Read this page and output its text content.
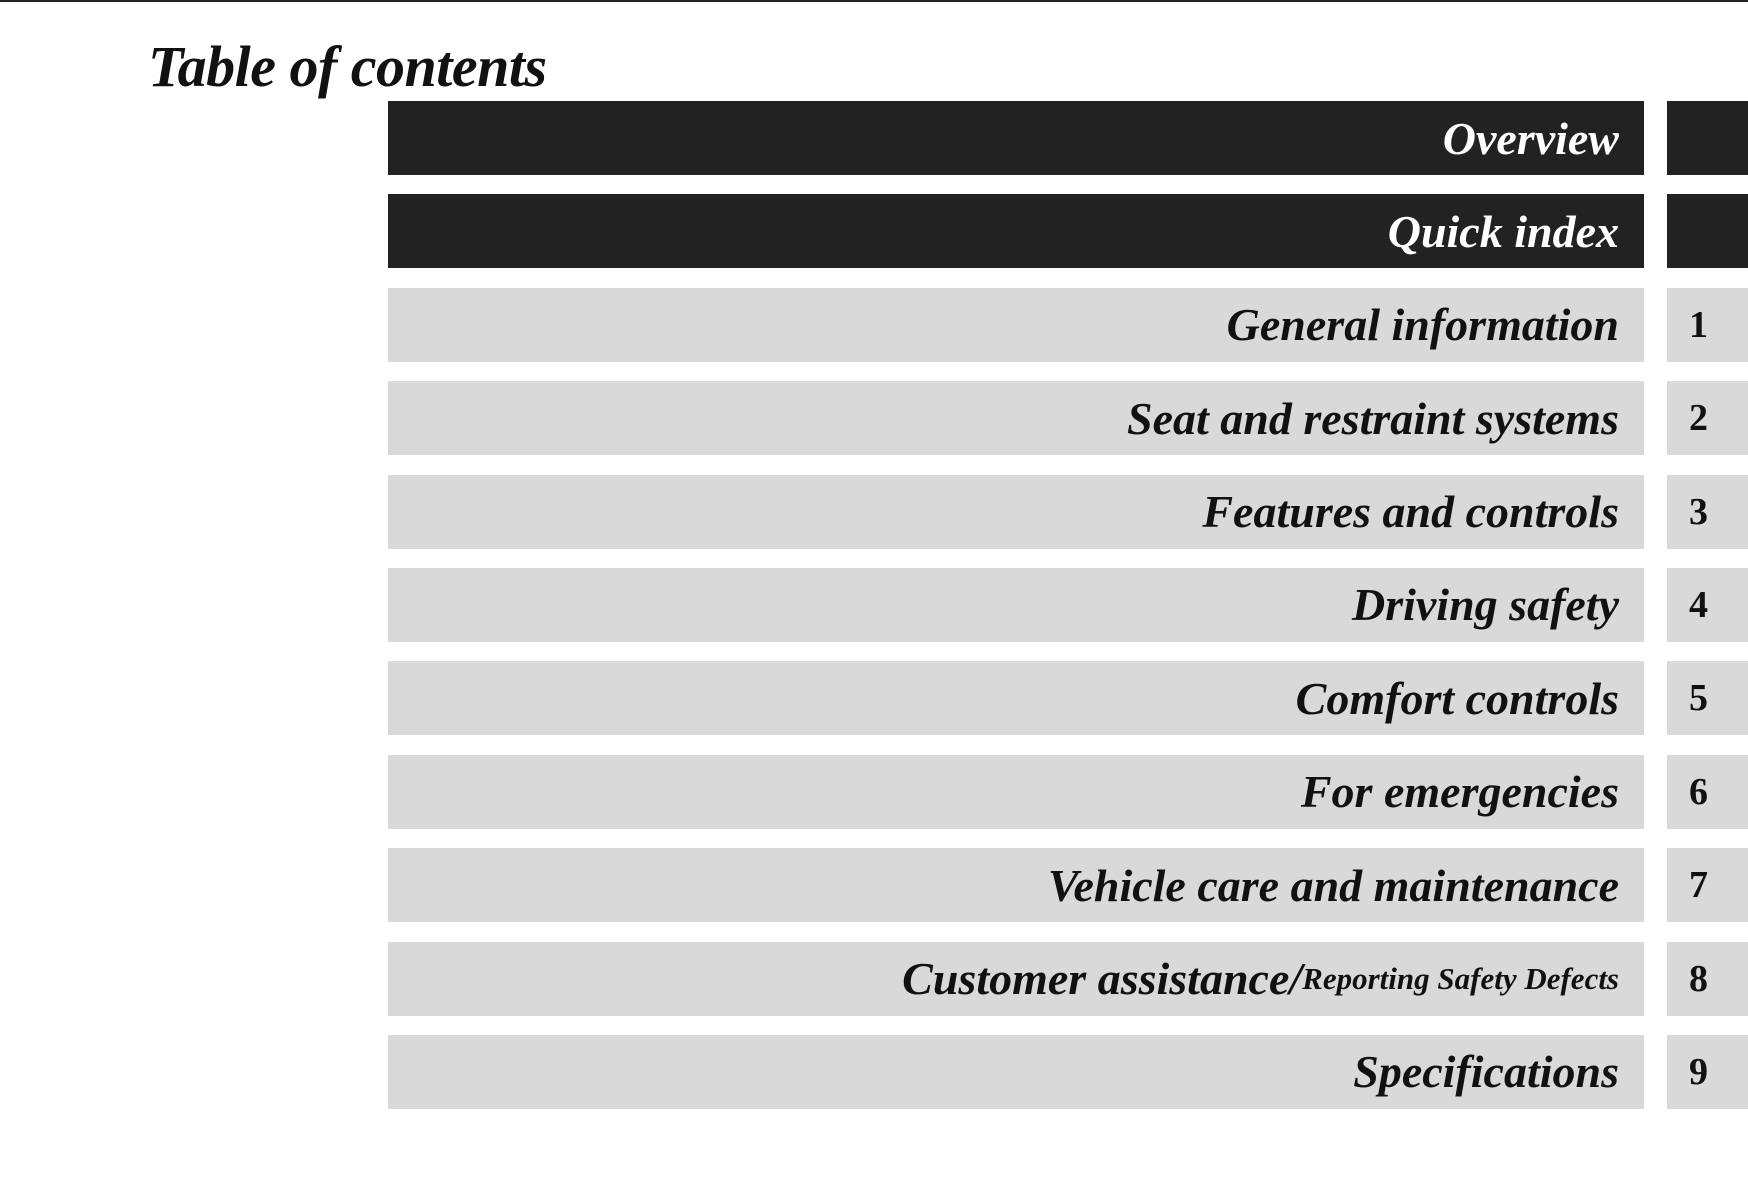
Table of contents
Overview
Quick index
General information 1
Seat and restraint systems 2
Features and controls 3
Driving safety 4
Comfort controls 5
For emergencies 6
Vehicle care and maintenance 7
Customer assistance/ Reporting Safety Defects 8
Specifications 9
